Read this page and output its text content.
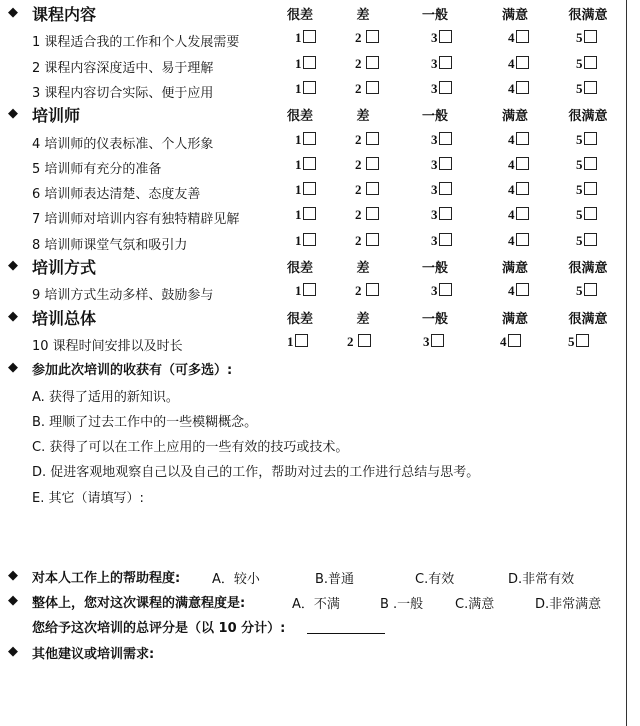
◆ 课程内容	很差	差	一般	满意	很满意
1 课程适合我的工作和个人发展需要	1	2	3	4	5
2 课程内容深度适中、易于理解	1	2	3	4	5
3 课程内容切合实际、便于应用	1	2	3	4	5
◆ 培训师	很差	差	一般	满意	很满意
4 培训师的仪表标准、个人形象	1	2	3	4	5
5 培训师有充分的准备	1	2	3	4	5
6 培训师表达清楚、态度友善	1	2	3	4	5
7 培训师对培训内容有独特精辟见解	1	2	3	4	5
8 培训师课堂气氛和吸引力	1	2	3	4	5
◆ 培训方式	很差	差	一般	满意	很满意
9 培训方式生动多样、鼓励参与	1	2	3	4	5
◆ 培训总体	很差	差	一般	满意	很满意
10 课程时间安排以及时长	1	2	3	4	5
◆ 参加此次培训的收获有（可多选）:
A. 获得了适用的新知识。
B. 理顺了过去工作中的一些模糊概念。
C. 获得了可以在工作上应用的一些有效的技巧或技术。
D. 促进客观地观察自己以及自己的工作，帮助对过去的工作进行总结与思考。
E. 其它（请填写）:
◆ 对本人工作上的帮助程度: A．较小	B.普通	C.有效	D.非常有效
◆ 整体上，您对这次课程的满意程度是:	A．不满	B .一般 C.满意	D.非常满意
您给予这次培训的总评分是（以 10 分计）:
◆ 其他建议或培训需求:
